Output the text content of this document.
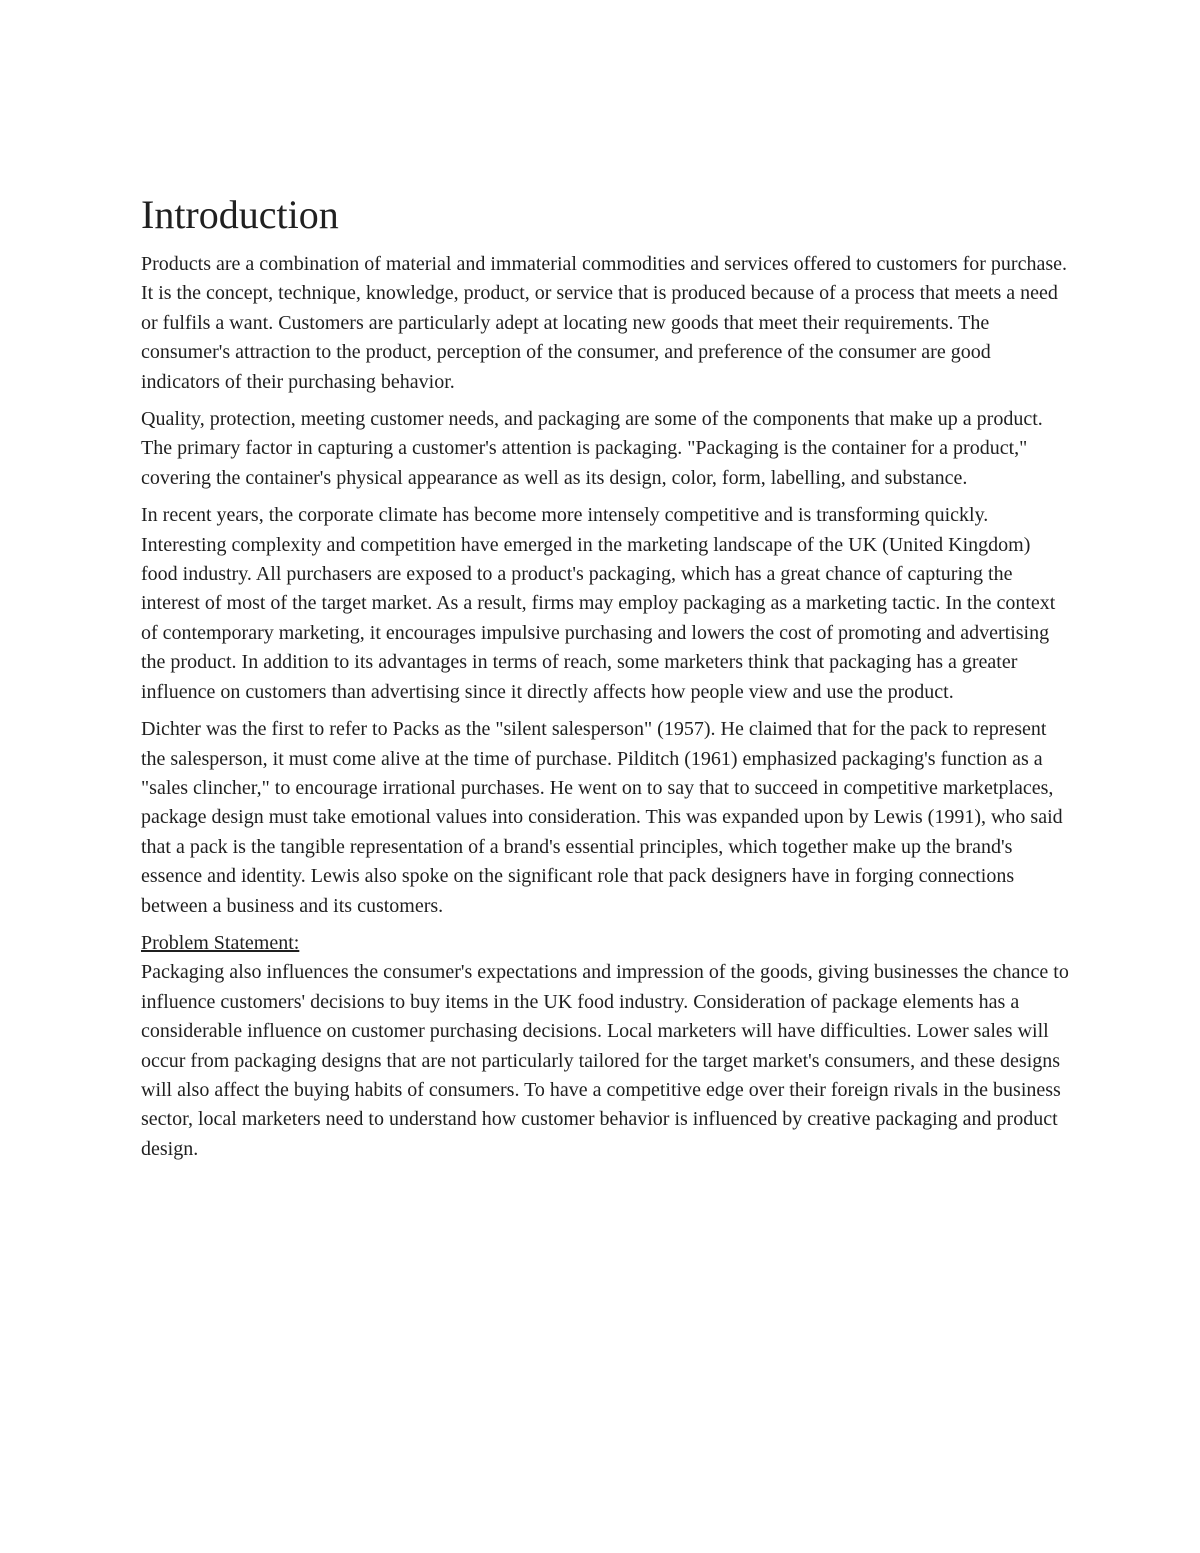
Introduction

Products are a combination of material and immaterial commodities and services offered to customers for purchase. It is the concept, technique, knowledge, product, or service that is produced because of a process that meets a need or fulfils a want. Customers are particularly adept at locating new goods that meet their requirements. The consumer's attraction to the product, perception of the consumer, and preference of the consumer are good indicators of their purchasing behavior.

Quality, protection, meeting customer needs, and packaging are some of the components that make up a product. The primary factor in capturing a customer's attention is packaging. "Packaging is the container for a product," covering the container's physical appearance as well as its design, color, form, labelling, and substance.

In recent years, the corporate climate has become more intensely competitive and is transforming quickly. Interesting complexity and competition have emerged in the marketing landscape of the UK (United Kingdom) food industry. All purchasers are exposed to a product's packaging, which has a great chance of capturing the interest of most of the target market. As a result, firms may employ packaging as a marketing tactic. In the context of contemporary marketing, it encourages impulsive purchasing and lowers the cost of promoting and advertising the product. In addition to its advantages in terms of reach, some marketers think that packaging has a greater influence on customers than advertising since it directly affects how people view and use the product.

Dichter was the first to refer to Packs as the "silent salesperson" (1957). He claimed that for the pack to represent the salesperson, it must come alive at the time of purchase. Pilditch (1961) emphasized packaging's function as a "sales clincher," to encourage irrational purchases. He went on to say that to succeed in competitive marketplaces, package design must take emotional values into consideration. This was expanded upon by Lewis (1991), who said that a pack is the tangible representation of a brand's essential principles, which together make up the brand's essence and identity. Lewis also spoke on the significant role that pack designers have in forging connections between a business and its customers.

Problem Statement:

Packaging also influences the consumer's expectations and impression of the goods, giving businesses the chance to influence customers' decisions to buy items in the UK food industry. Consideration of package elements has a considerable influence on customer purchasing decisions. Local marketers will have difficulties. Lower sales will occur from packaging designs that are not particularly tailored for the target market's consumers, and these designs will also affect the buying habits of consumers. To have a competitive edge over their foreign rivals in the business sector, local marketers need to understand how customer behavior is influenced by creative packaging and product design.
